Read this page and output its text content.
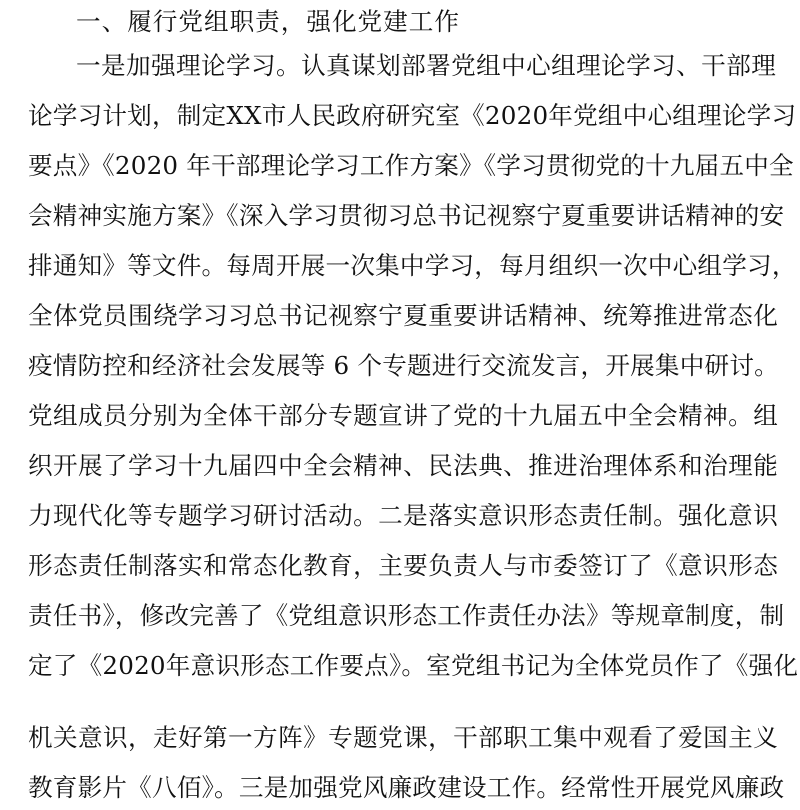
一、履行党组职责，强化党建工作
一是加强理论学习。认真谋划部署党组中心组理论学习、干部理
论学习计划，制定XX市人民政府研究室《2020年党组中心组理论学习
要点》《2020 年干部理论学习工作方案》《学习贯彻党的十九届五中全
会精神实施方案》《深入学习贯彻习总书记视察宁夏重要讲话精神的安
排通知》等文件。每周开展一次集中学习，每月组织一次中心组学习，
全体党员围绕学习习总书记视察宁夏重要讲话精神、统筹推进常态化
疫情防控和经济社会发展等 6 个专题进行交流发言，开展集中研讨。
党组成员分别为全体干部分专题宣讲了党的十九届五中全会精神。组
织开展了学习十九届四中全会精神、民法典、推进治理体系和治理能
力现代化等专题学习研讨活动。二是落实意识形态责任制。强化意识
形态责任制落实和常态化教育，主要负责人与市委签订了《意识形态
责任书》，修改完善了《党组意识形态工作责任办法》等规章制度，制
定了《2020年意识形态工作要点》。室党组书记为全体党员作了《强化
机关意识，走好第一方阵》专题党课，干部职工集中观看了爱国主义
教育影片《八佰》。三是加强党风廉政建设工作。经常性开展党风廉政
